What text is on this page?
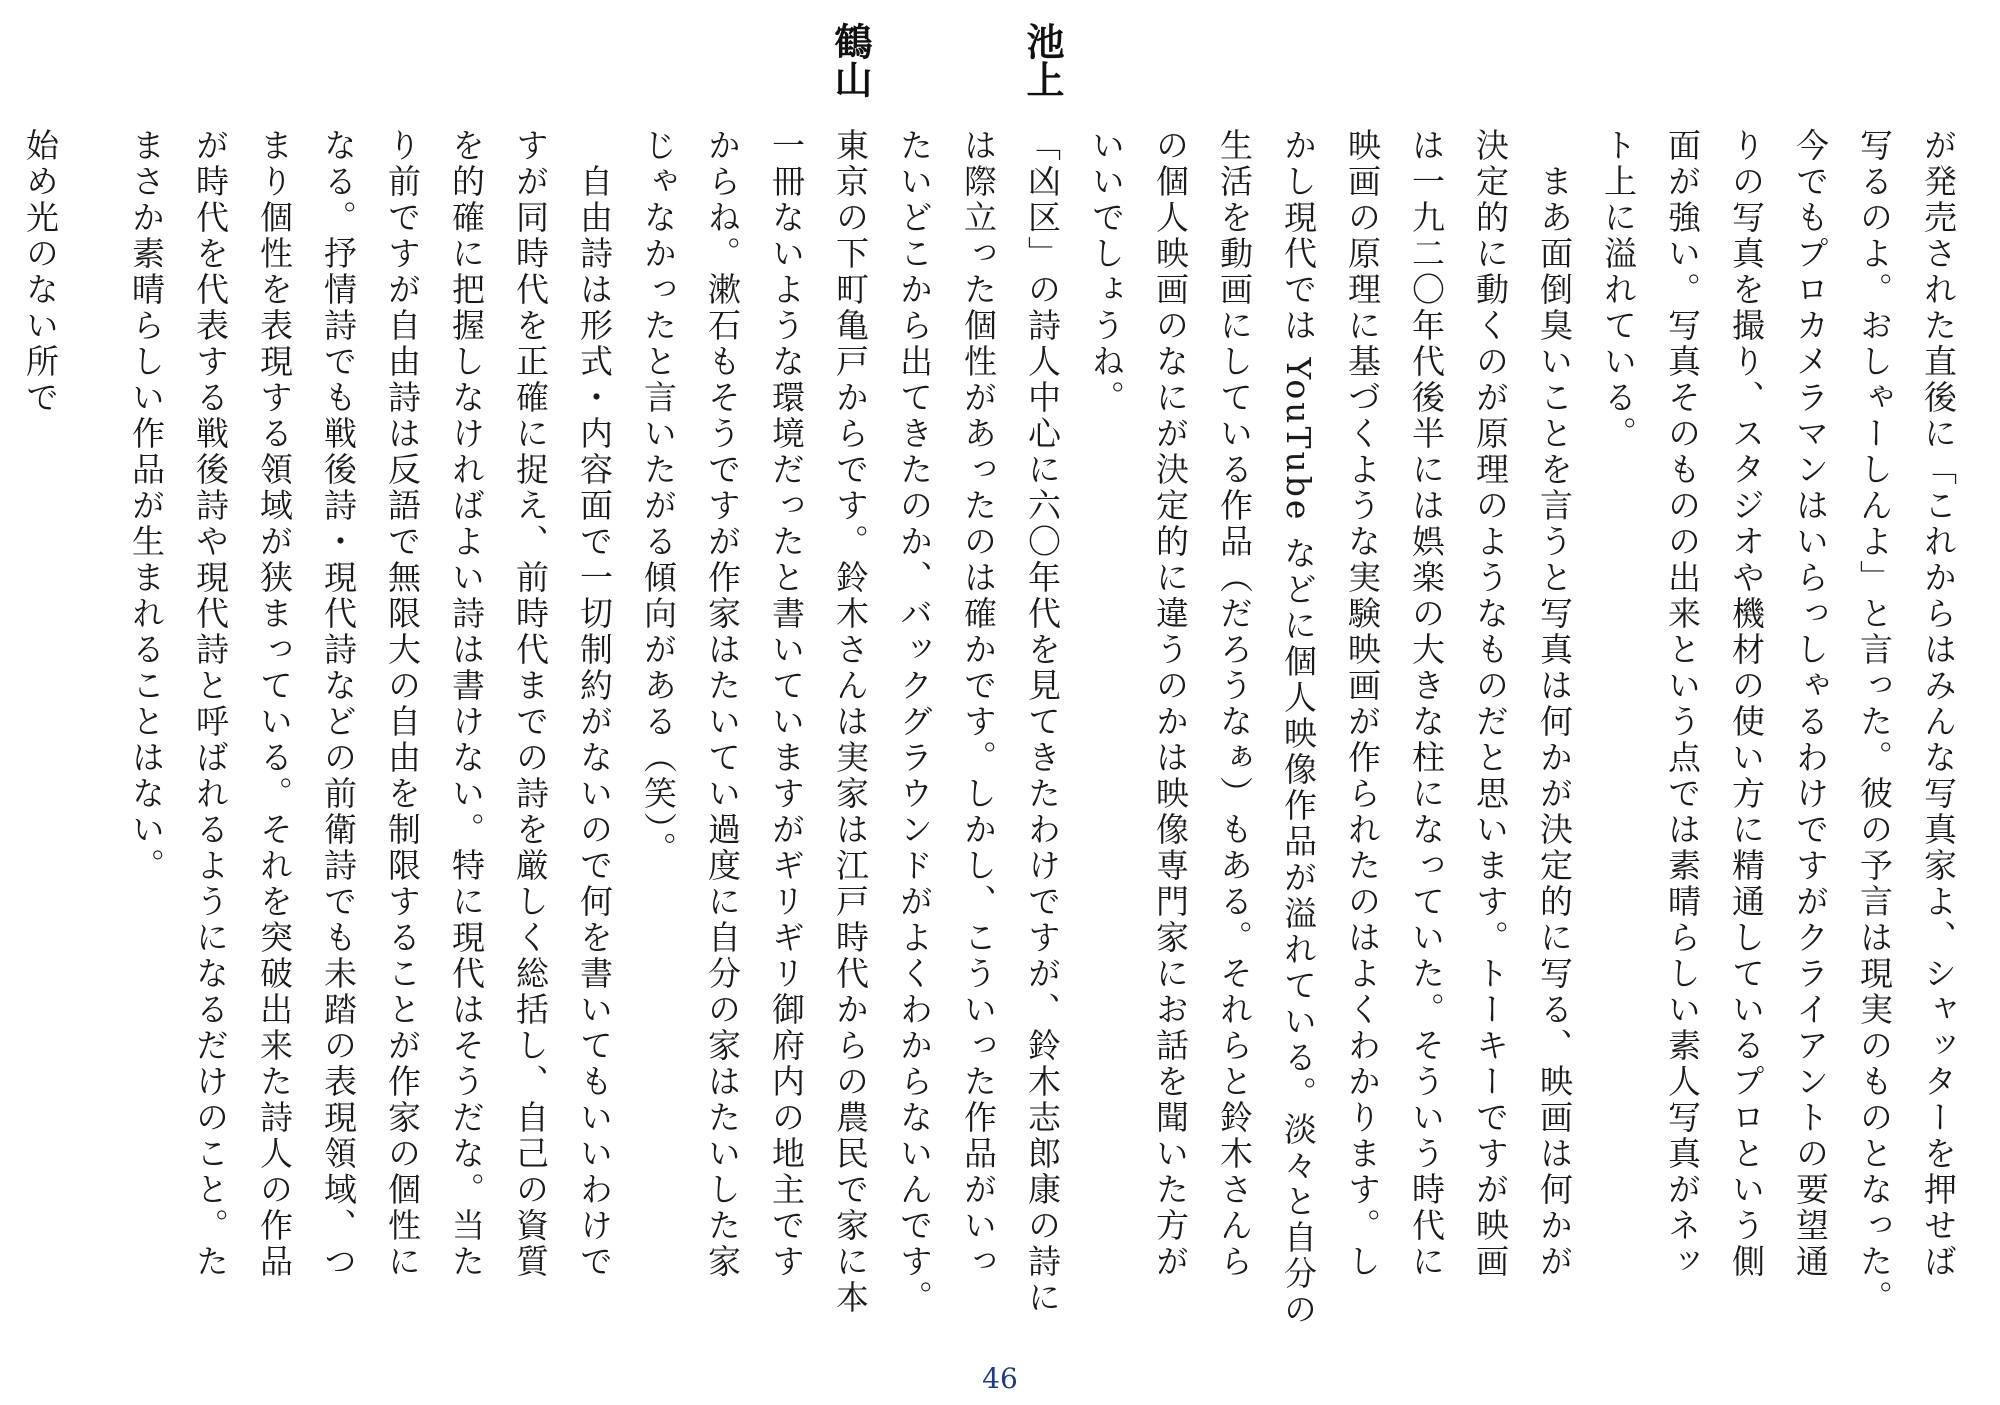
が発売された直後に「これからはみんな写真家よ、シャッターを押せば
写るのよ。おしゃーしんよ」と言った。彼の予言は現実のものとなった。
今でもプロカメラマンはいらっしゃるわけですがクライアントの要望通
りの写真を撮り、スタジオや機材の使い方に精通しているプロという側
面が強い。写真そのものの出来という点では素晴らしい素人写真がネッ
ト上に溢れている。
　まあ面倒臭いことを言うと写真は何かが決定的に写る、映画は何かが
決定的に動くのが原理のようなものだと思います。トーキーですが映画
は一九二〇年代後半には娯楽の大きな柱になっていた。そういう時代に
映画の原理に基づくような実験映画が作られたのはよくわかります。し
かし現代では YouTube などに個人映像作品が溢れている。淡々と自分の
生活を動画にしている作品（だろうなぁ）もある。それらと鈴木さんら
の個人映画のなにが決定的に違うのかは映像専門家にお話を聞いた方が
いいでしょうね。
池上
「凶区」の詩人中心に六〇年代を見てきたわけですが、鈴木志郎康の詩に
は際立った個性があったのは確かです。しかし、こういった作品がいっ
たいどこから出てきたのか、バックグラウンドがよくわからないんです。
鶴山
東京の下町亀戸からです。鈴木さんは実家は江戸時代からの農民で家に本
一冊ないような環境だったと書いていますがギリギリ御府内の地主です
からね。漱石もそうですが作家はたいてい過度に自分の家はたいした家
じゃなかったと言いたがる傾向がある（笑）。
　自由詩は形式・内容面で一切制約がないので何を書いてもいいわけで
すが同時代を正確に捉え、前時代までの詩を厳しく総括し、自己の資質
を的確に把握しなければよい詩は書けない。特に現代はそうだな。当た
り前ですが自由詩は反語で無限大の自由を制限することが作家の個性に
なる。抒情詩でも戦後詩・現代詩などの前衛詩でも未踏の表現領域、つ
まり個性を表現する領域が狭まっている。それを突破出来た詩人の作品
が時代を代表する戦後詩や現代詩と呼ばれるようになるだけのこと。た
まさか素晴らしい作品が生まれることはない。
始め光のない所で
46
